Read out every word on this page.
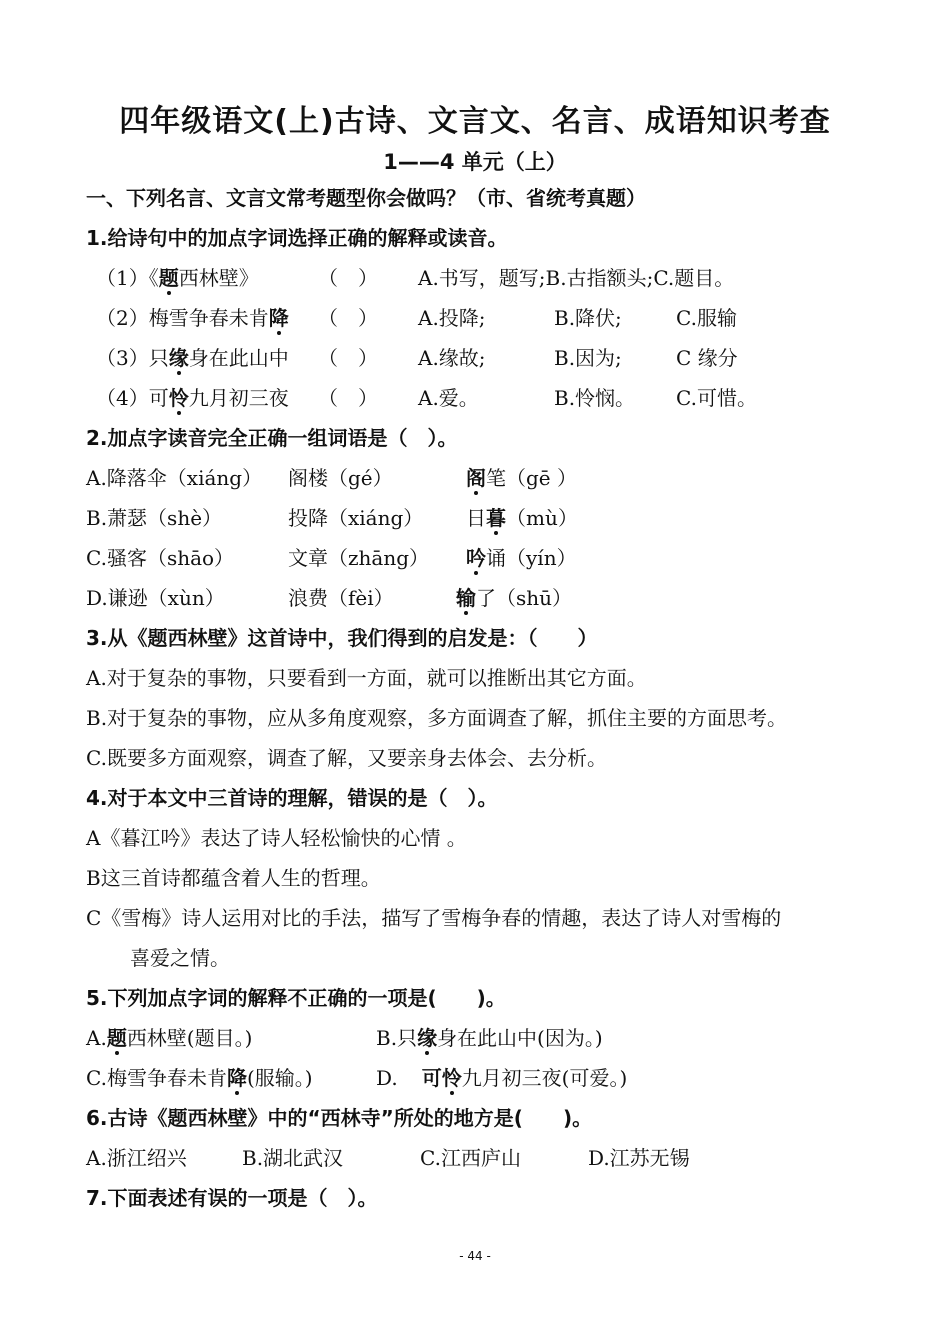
四年级语文(上)古诗、文言文、名言、成语知识考查
1——4 单元（上）
一、下列名言、文言文常考题型你会做吗？（市、省统考真题）
1.给诗句中的加点字词选择正确的解释或读音。
（1）《题西林壁》	（　） A.书写，题写;B.古指额头;C.题目。
（2）梅雪争春未肯降 （　） A.投降;	B.降伏;	C.服输
（3）只缘身在此山中 （　） A.缘故;	B.因为;	C 缘分
（4）可怜九月初三夜 （　） A.爱。	B.怜悯。 C.可惜。
2.加点字读音完全正确一组词语是（　）。
A.降落伞（xiáng） 阁楼（gé）	阁笔（gē ）
B.萧瑟（shè）	投降（xiáng） 日暮（mù）
C.骚客（shāo）	文章（zhāng） 吟诵（yín）
D.谦逊（xùn）	浪费（fèi）	输了（shū）
3.从《题西林壁》这首诗中，我们得到的启发是：（　　）
A.对于复杂的事物，只要看到一方面，就可以推断出其它方面。
B.对于复杂的事物，应从多角度观察，多方面调查了解，抓住主要的方面思考。
C.既要多方面观察，调查了解，又要亲身去体会、去分析。
4.对于本文中三首诗的理解，错误的是（　）。
A《暮江吟》表达了诗人轻松愉快的心情 。
B这三首诗都蕴含着人生的哲理。
C《雪梅》诗人运用对比的手法，描写了雪梅争春的情趣，表达了诗人对雪梅的
喜爱之情。
5.下列加点字词的解释不正确的一项是(　　)。
A.题西林壁(题目。)	B.只缘身在此山中(因为。)
C.梅雪争春未肯降(服输。)	D. 可怜九月初三夜(可爱。)
6.古诗《题西林壁》中的“西林寺”所处的地方是(　　)。
A.浙江绍兴	B.湖北武汉	C.江西庐山	D.江苏无锡
7.下面表述有误的一项是（　）。
- 44 -
